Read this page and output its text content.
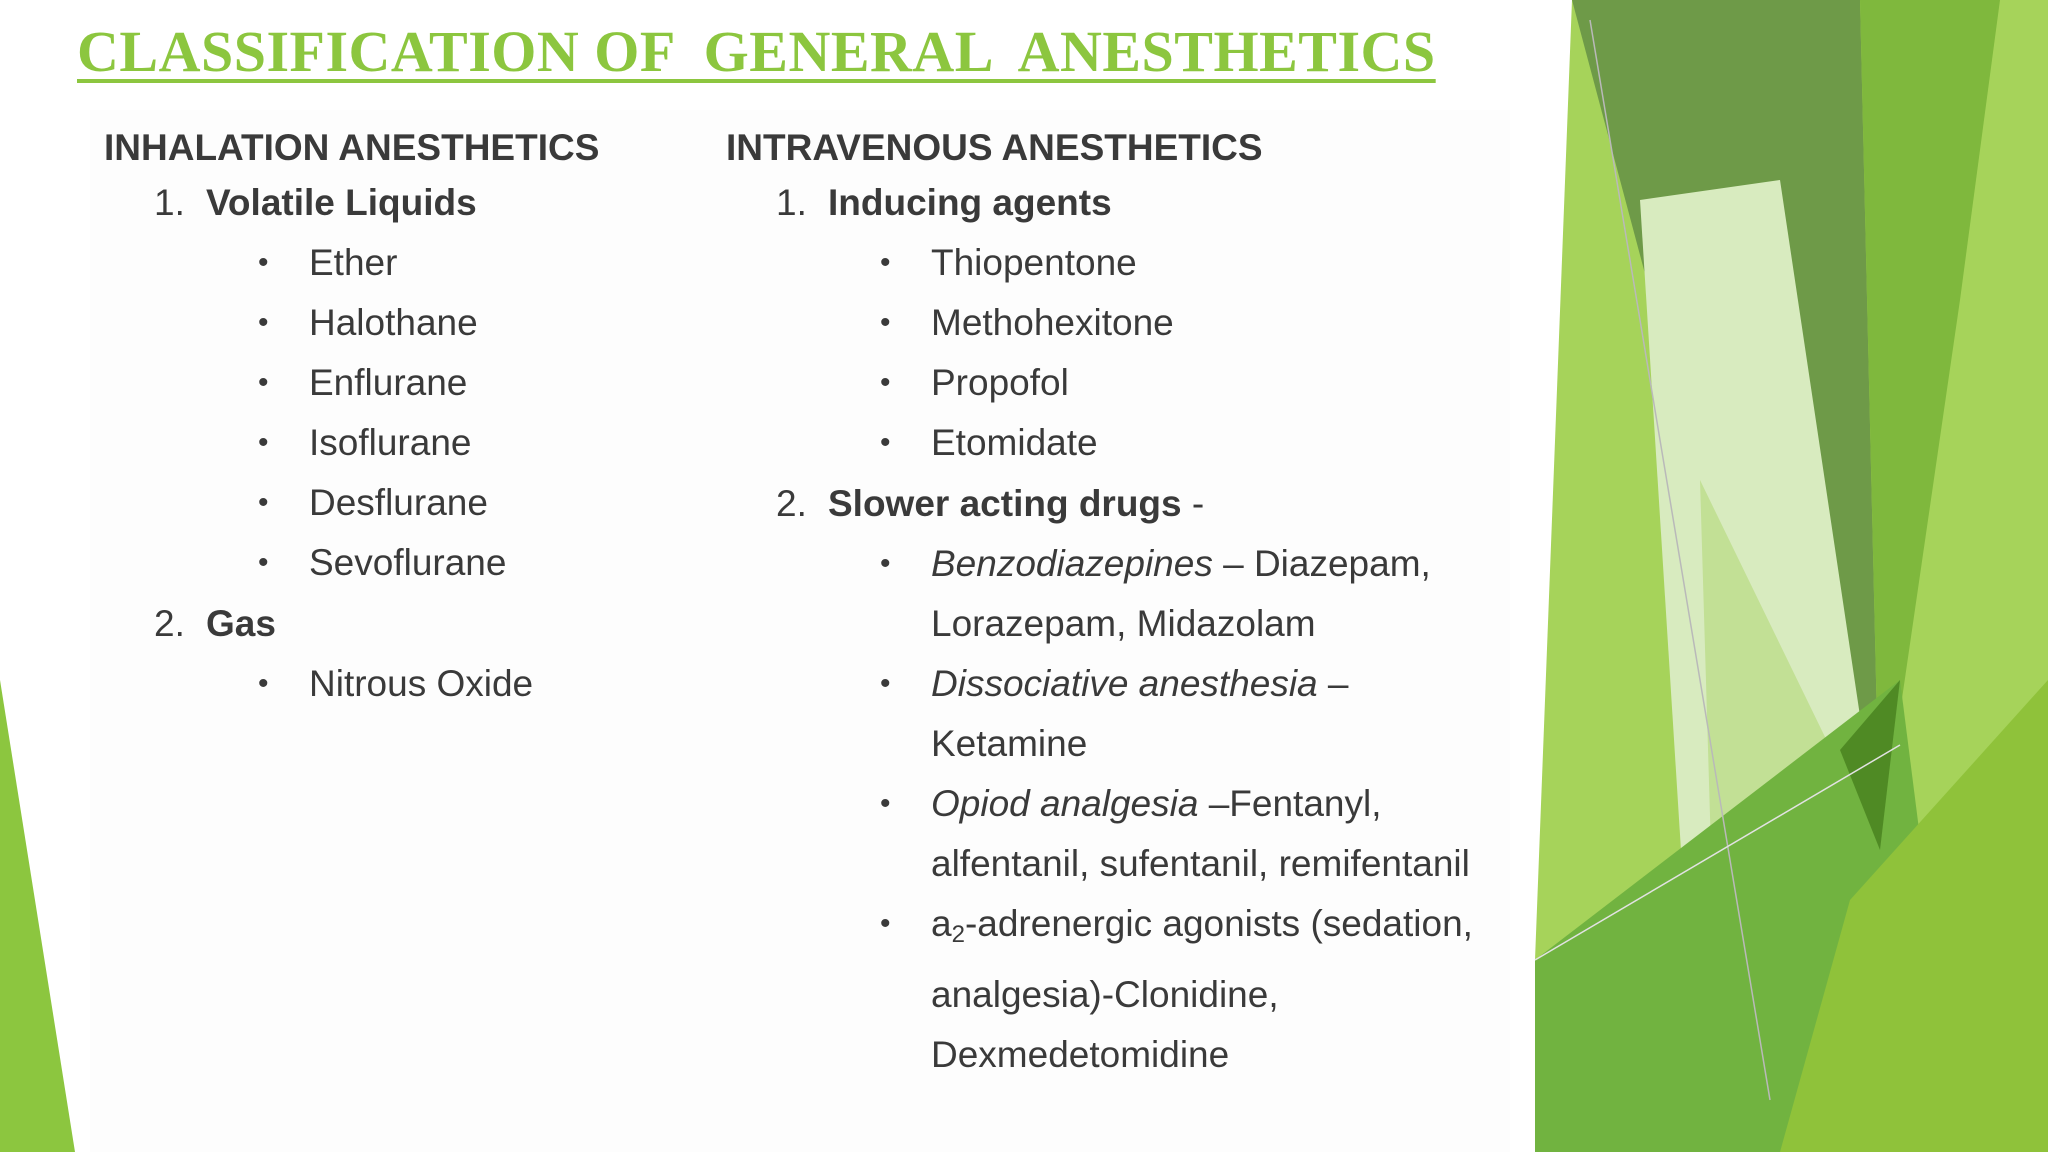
CLASSIFICATION OF  GENERAL  ANESTHETICS
INHALATION ANESTHETICS
1. Volatile Liquids
• Ether
• Halothane
• Enflurane
• Isoflurane
• Desflurane
• Sevoflurane
2. Gas
• Nitrous Oxide
INTRAVENOUS ANESTHETICS
1. Inducing agents
• Thiopentone
• Methohexitone
• Propofol
• Etomidate
2. Slower acting drugs -
• Benzodiazepines – Diazepam, Lorazepam, Midazolam
• Dissociative anesthesia – Ketamine
• Opiod analgesia –Fentanyl, alfentanil, sufentanil, remifentanil
• $a_2$-adrenergic agonists (sedation, analgesia)-Clonidine, Dexmedetomidine
